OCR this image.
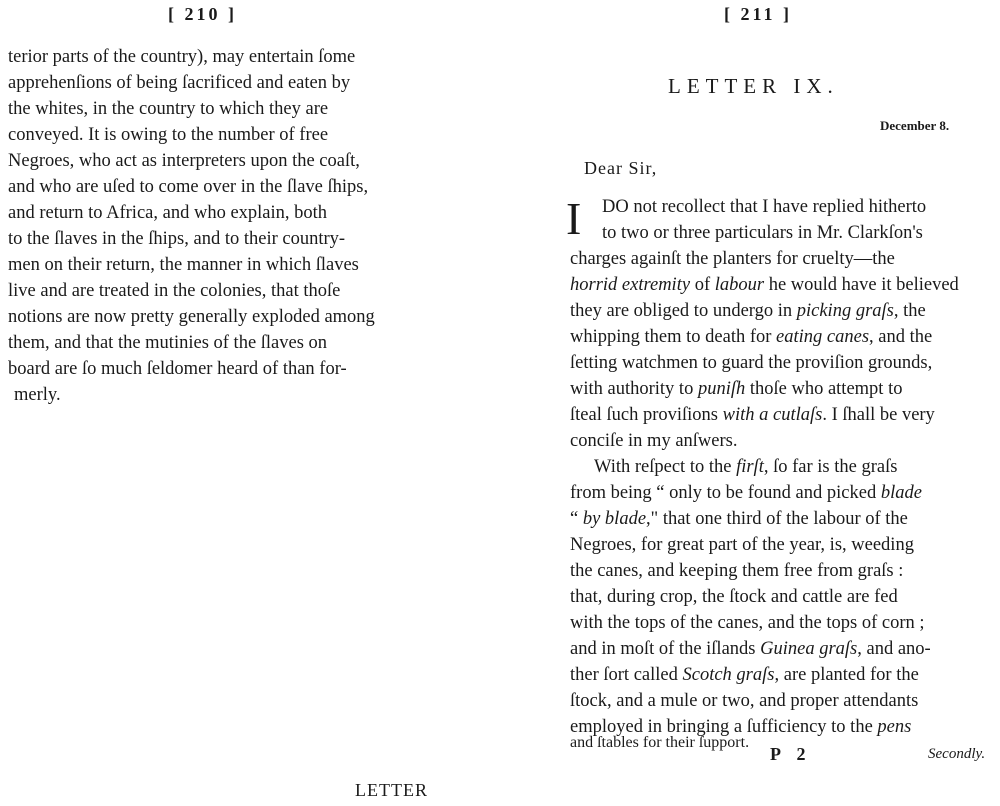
[ 210 ]
terior parts of the country), may entertain ſome
apprehenſions of being ſacrificed and eaten by
the whites, in the country to which they are
conveyed. It is owing to the number of free
Negroes, who act as interpreters upon the coaſt,
and who are uſed to come over in the ſlave ſhips,
and return to Africa, and who explain, both
to the ſlaves in the ſhips, and to their country-
men on their return, the manner in which ſlaves
live and are treated in the colonies, that thoſe
notions are now pretty generally exploded among
them, and that the mutinies of the ſlaves on
board are ſo much ſeldomer heard of than for-
merly.
LETTER
[ 211 ]
LETTER IX.
December 8.
Dear Sir,
I DO not recollect that I have replied hitherto
to two or three particulars in Mr. Clarkſon's
charges againſt the planters for cruelty—the
horrid extremity of labour he would have it believed
they are obliged to undergo in picking graſs, the
whipping them to death for eating canes, and the
ſetting watchmen to guard the proviſion grounds,
with authority to puniſh thoſe who attempt to
ſteal ſuch proviſions with a cutlaſs. I ſhall be very
conciſe in my anſwers.
With reſpect to the firſt, ſo far is the graſs
from being “ only to be found and picked blade
“ by blade," that one third of the labour of the
Negroes, for great part of the year, is, weeding
the canes, and keeping them free from graſs :
that, during crop, the ſtock and cattle are fed
with the tops of the canes, and the tops of corn ;
and in moſt of the iſlands Guinea graſs, and ano-
ther ſort called Scotch graſs, are planted for the
ſtock, and a mule or two, and proper attendants
employed in bringing a ſufficiency to the pens
and ſtables for their ſupport.
P 2	Secondly.
